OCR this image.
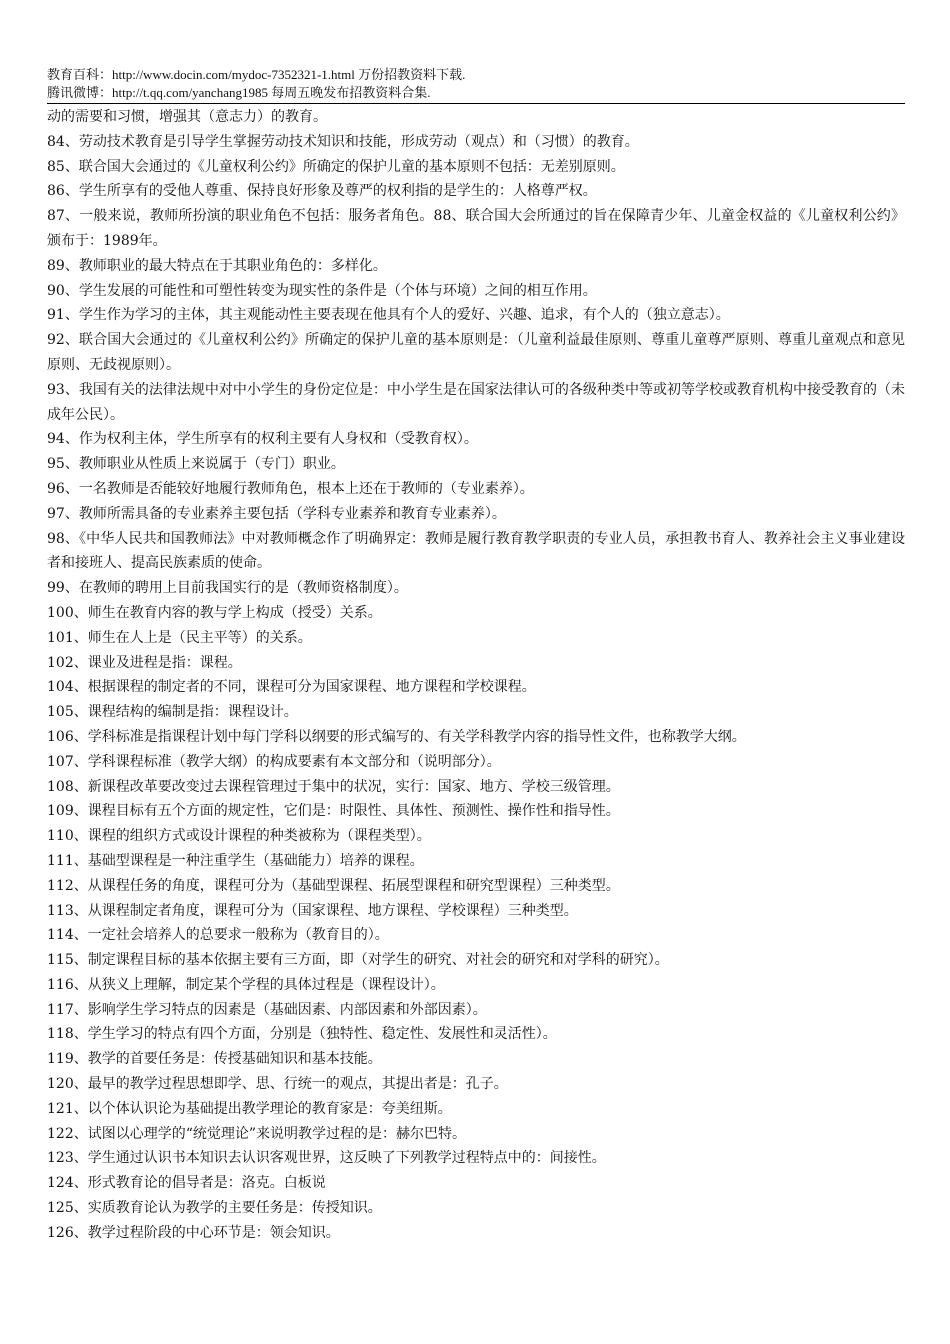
教育百科：http://www.docin.com/mydoc-7352321-1.html 万份招教资料下载.
腾讯微博：http://t.qq.com/yanchang1985 每周五晚发布招教资料合集.

动的需要和习惯，增强其（意志力）的教育。

84、劳动技术教育是引导学生掌握劳动技术知识和技能，形成劳动（观点）和（习惯）的教育。

85、联合国大会通过的《儿童权利公约》所确定的保护儿童的基本原则不包括：无差别原则。

86、学生所享有的受他人尊重、保持良好形象及尊严的权利指的是学生的：人格尊严权。

87、一般来说，教师所扮演的职业角色不包括：服务者角色。88、联合国大会所通过的旨在保障青少年、儿童金权益的《儿童权利公约》颁布于：1989年。

89、教师职业的最大特点在于其职业角色的：多样化。

90、学生发展的可能性和可塑性转变为现实性的条件是（个体与环境）之间的相互作用。

91、学生作为学习的主体，其主观能动性主要表现在他具有个人的爱好、兴趣、追求，有个人的（独立意志）。

92、联合国大会通过的《儿童权利公约》所确定的保护儿童的基本原则是：（儿童利益最佳原则、尊重儿童尊严原则、尊重儿童观点和意见原则、无歧视原则）。

93、我国有关的法律法规中对中小学生的身份定位是：中小学生是在国家法律认可的各级种类中等或初等学校或教育机构中接受教育的（未成年公民）。

94、作为权利主体，学生所享有的权利主要有人身权和（受教育权）。

95、教师职业从性质上来说属于（专门）职业。

96、一名教师是否能较好地履行教师角色，根本上还在于教师的（专业素养）。

97、教师所需具备的专业素养主要包括（学科专业素养和教育专业素养）。

98、《中华人民共和国教师法》中对教师概念作了明确界定：教师是履行教育教学职责的专业人员，承担教书育人、教养社会主义事业建设者和接班人、提高民族素质的使命。

99、在教师的聘用上目前我国实行的是（教师资格制度）。

100、师生在教育内容的教与学上构成（授受）关系。

101、师生在人上是（民主平等）的关系。

102、课业及进程是指：课程。

104、根据课程的制定者的不同，课程可分为国家课程、地方课程和学校课程。

105、课程结构的编制是指：课程设计。

106、学科标准是指课程计划中每门学科以纲要的形式编写的、有关学科教学内容的指导性文件，也称教学大纲。

107、学科课程标准（教学大纲）的构成要素有本文部分和（说明部分）。

108、新课程改革要改变过去课程管理过于集中的状况，实行：国家、地方、学校三级管理。

109、课程目标有五个方面的规定性，它们是：时限性、具体性、预测性、操作性和指导性。

110、课程的组织方式或设计课程的种类被称为（课程类型）。

111、基础型课程是一种注重学生（基础能力）培养的课程。

112、从课程任务的角度，课程可分为（基础型课程、拓展型课程和研究型课程）三种类型。

113、从课程制定者角度，课程可分为（国家课程、地方课程、学校课程）三种类型。

114、一定社会培养人的总要求一般称为（教育目的）。

115、制定课程目标的基本依据主要有三方面，即（对学生的研究、对社会的研究和对学科的研究）。

116、从狭义上理解，制定某个学程的具体过程是（课程设计）。

117、影响学生学习特点的因素是（基础因素、内部因素和外部因素）。

118、学生学习的特点有四个方面，分别是（独特性、稳定性、发展性和灵活性）。

119、教学的首要任务是：传授基础知识和基本技能。

120、最早的教学过程思想即学、思、行统一的观点，其提出者是：孔子。

121、以个体认识论为基础提出教学理论的教育家是：夸美纽斯。

122、试图以心理学的“统觉理论”来说明教学过程的是：赫尔巴特。

123、学生通过认识书本知识去认识客观世界，这反映了下列教学过程特点中的：间接性。

124、形式教育论的倡导者是：洛克。白板说

125、实质教育论认为教学的主要任务是：传授知识。

126、教学过程阶段的中心环节是：领会知识。
